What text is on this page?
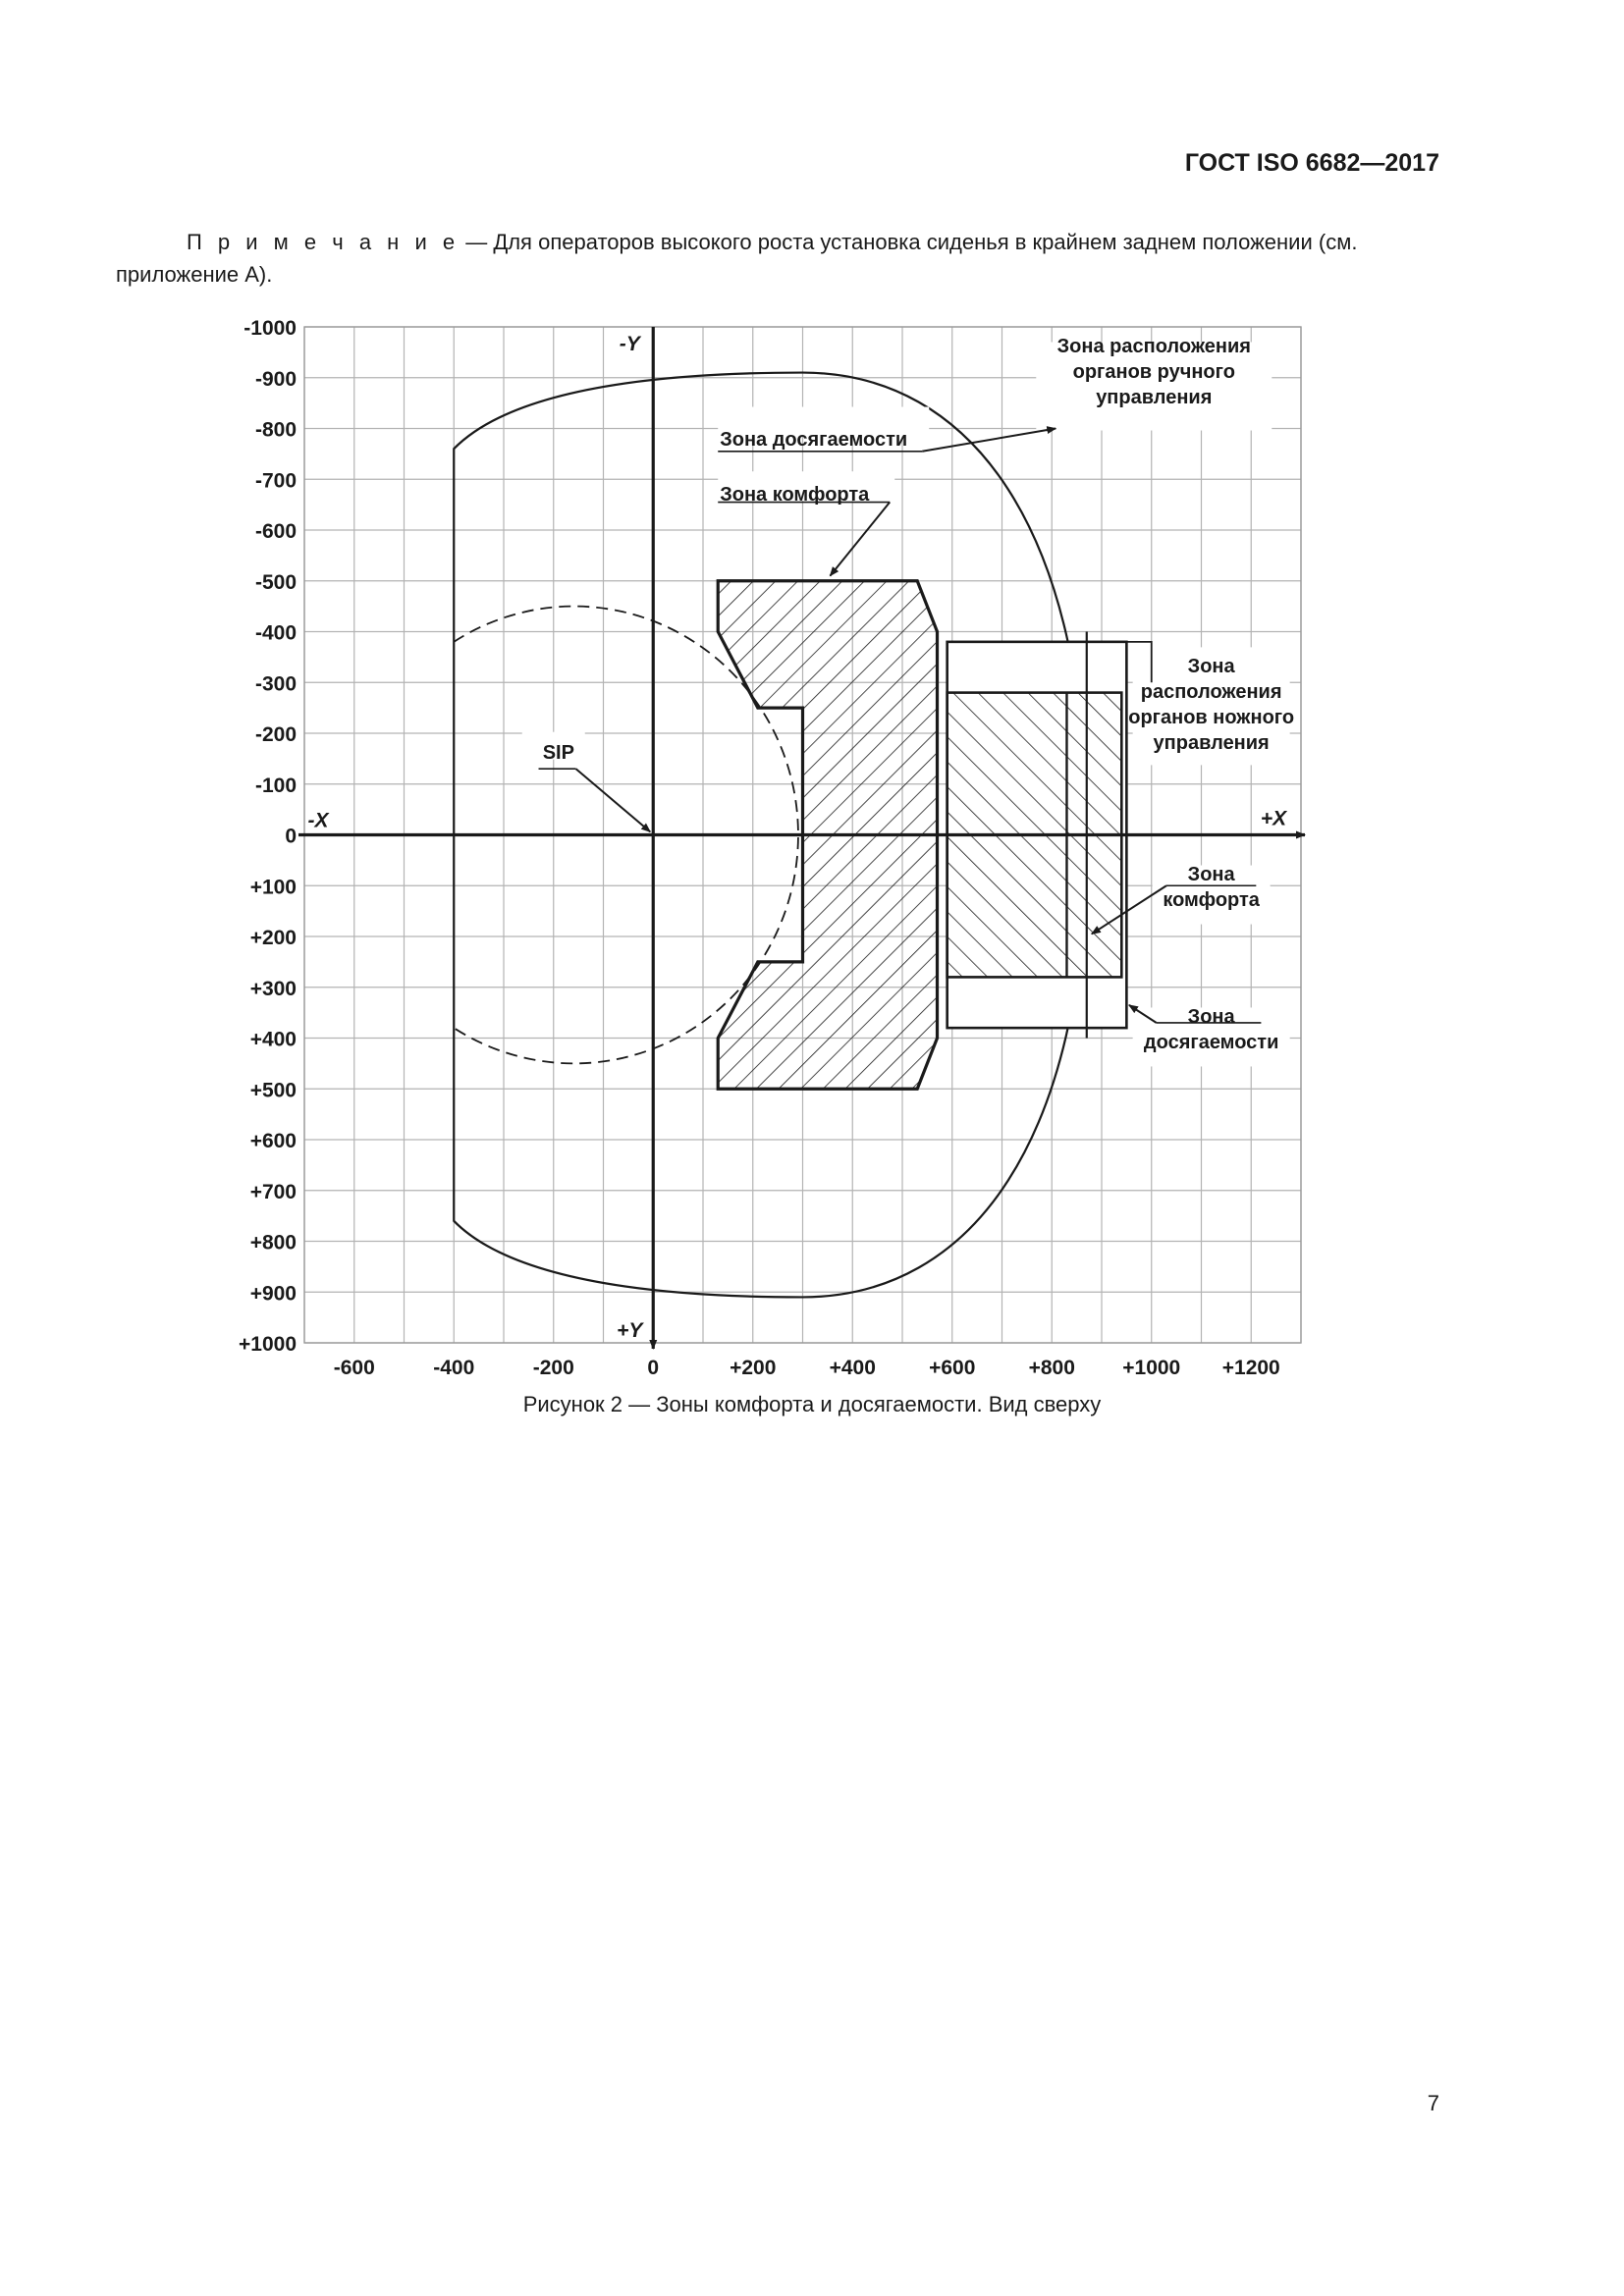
ГОСТ ISO 6682—2017
П р и м е ч а н и е — Для операторов высокого роста установка сиденья в крайнем заднем положении (см. приложение А).
-600	-400	-200	0	+200	+400	+600	+800 +1000 +1200
-1000
-900
-800
-700
-600
-500
-400
-300
-200
-100
0
+100
+200
+300
+400
+500
+600
+700
+800
+900
+1000
-X	+X
-Y
+Y
Зона расположения
органов ручного
управления
Зона досягаемости
Зона комфорта
Зона
расположения
органов ножного
управления
Зона
комфорта
Зона
досягаемости
SIP
Рисунок 2 — Зоны комфорта и досягаемости. Вид сверху
7
